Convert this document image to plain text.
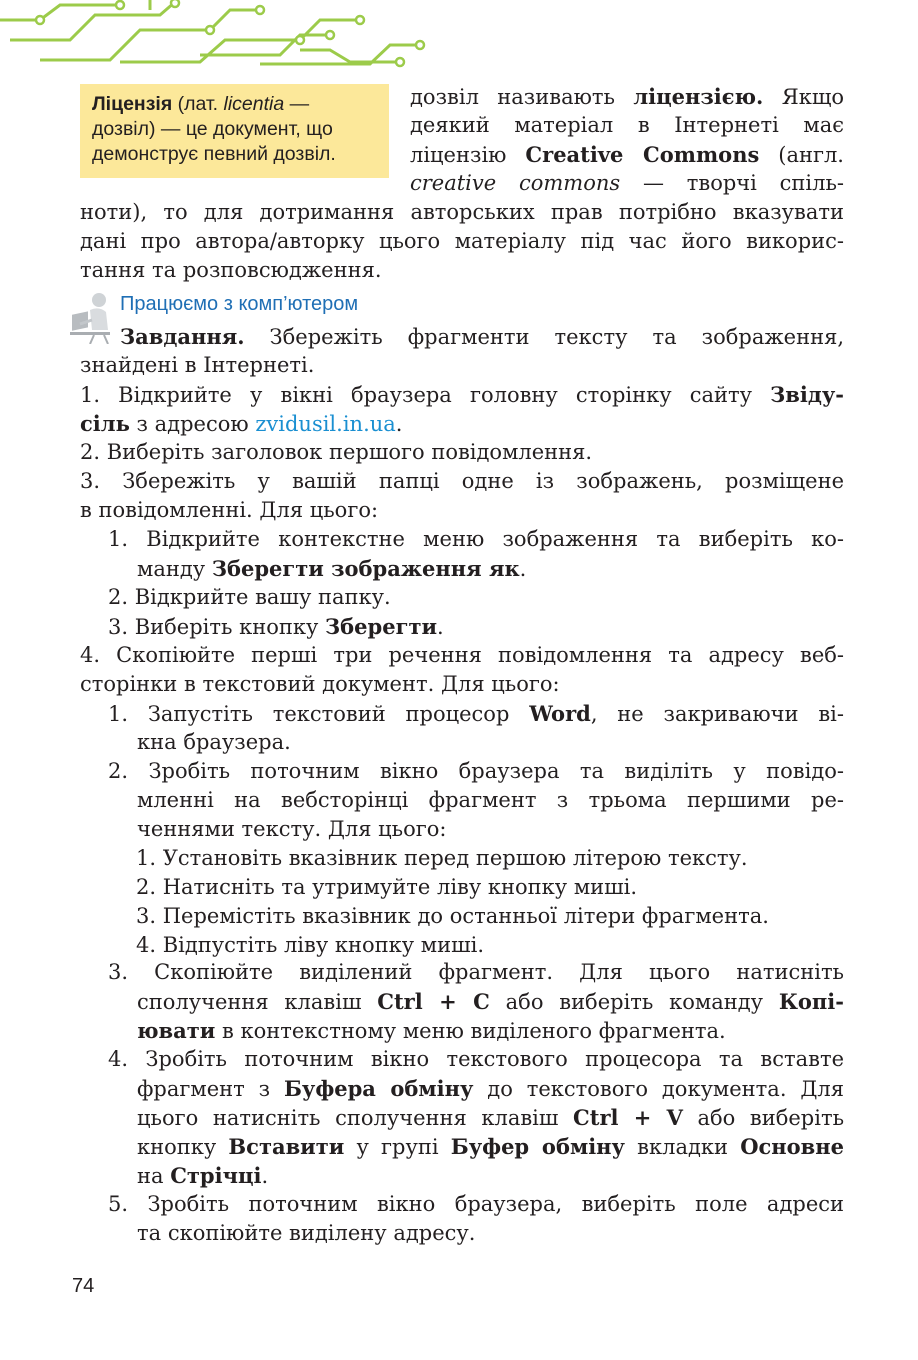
Ліцензія (лат. licentia —
дозвіл) — це документ, що
демонструє певний дозвіл.
дозвіл називають ліцензією. Якщо
деякий матеріал в Інтернеті має
ліцензію Creative Commons (англ.
creative commons — творчі спіль-
ноти), то для дотримання авторських прав потрібно вказувати
дані про автора/авторку цього матеріалу під час його викорис-
тання та розповсюдження.
Працюємо з комп’ютером
Завдання. Збережіть фрагменти тексту та зображення,
знайдені в Інтернеті.
1. Відкрийте у вікні браузера головну сторінку сайту Звіду-
сіль з адресою zvidusil.in.ua.
2. Виберіть заголовок першого повідомлення.
3. Збережіть у вашій папці одне із зображень, розміщене
в повідомленні. Для цього:
1. Відкрийте контекстне меню зображення та виберіть ко-
манду Зберегти зображення як.
2. Відкрийте вашу папку.
3. Виберіть кнопку Зберегти.
4. Скопіюйте перші три речення повідомлення та адресу веб-
сторінки в текстовий документ. Для цього:
1. Запустіть текстовий процесор Word, не закриваючи ві-
кна браузера.
2. Зробіть поточним вікно браузера та виділіть у повідо-
мленні на вебсторінці фрагмент з трьома першими ре-
ченнями тексту. Для цього:
1. Установіть вказівник перед першою літерою тексту.
2. Натисніть та утримуйте ліву кнопку миші.
3. Перемістіть вказівник до останньої літери фрагмента.
4. Відпустіть ліву кнопку миші.
3. Скопіюйте виділений фрагмент. Для цього натисніть
сполучення клавіш Ctrl + C або виберіть команду Копі-
ювати в контекстному меню виділеного фрагмента.
4. Зробіть поточним вікно текстового процесора та вставте
фрагмент з Буфера обміну до текстового документа. Для
цього натисніть сполучення клавіш Ctrl + V або виберіть
кнопку Вставити у групі Буфер обміну вкладки Основне
на Стрічці.
5. Зробіть поточним вікно браузера, виберіть поле адреси
та скопіюйте виділену адресу.
74
